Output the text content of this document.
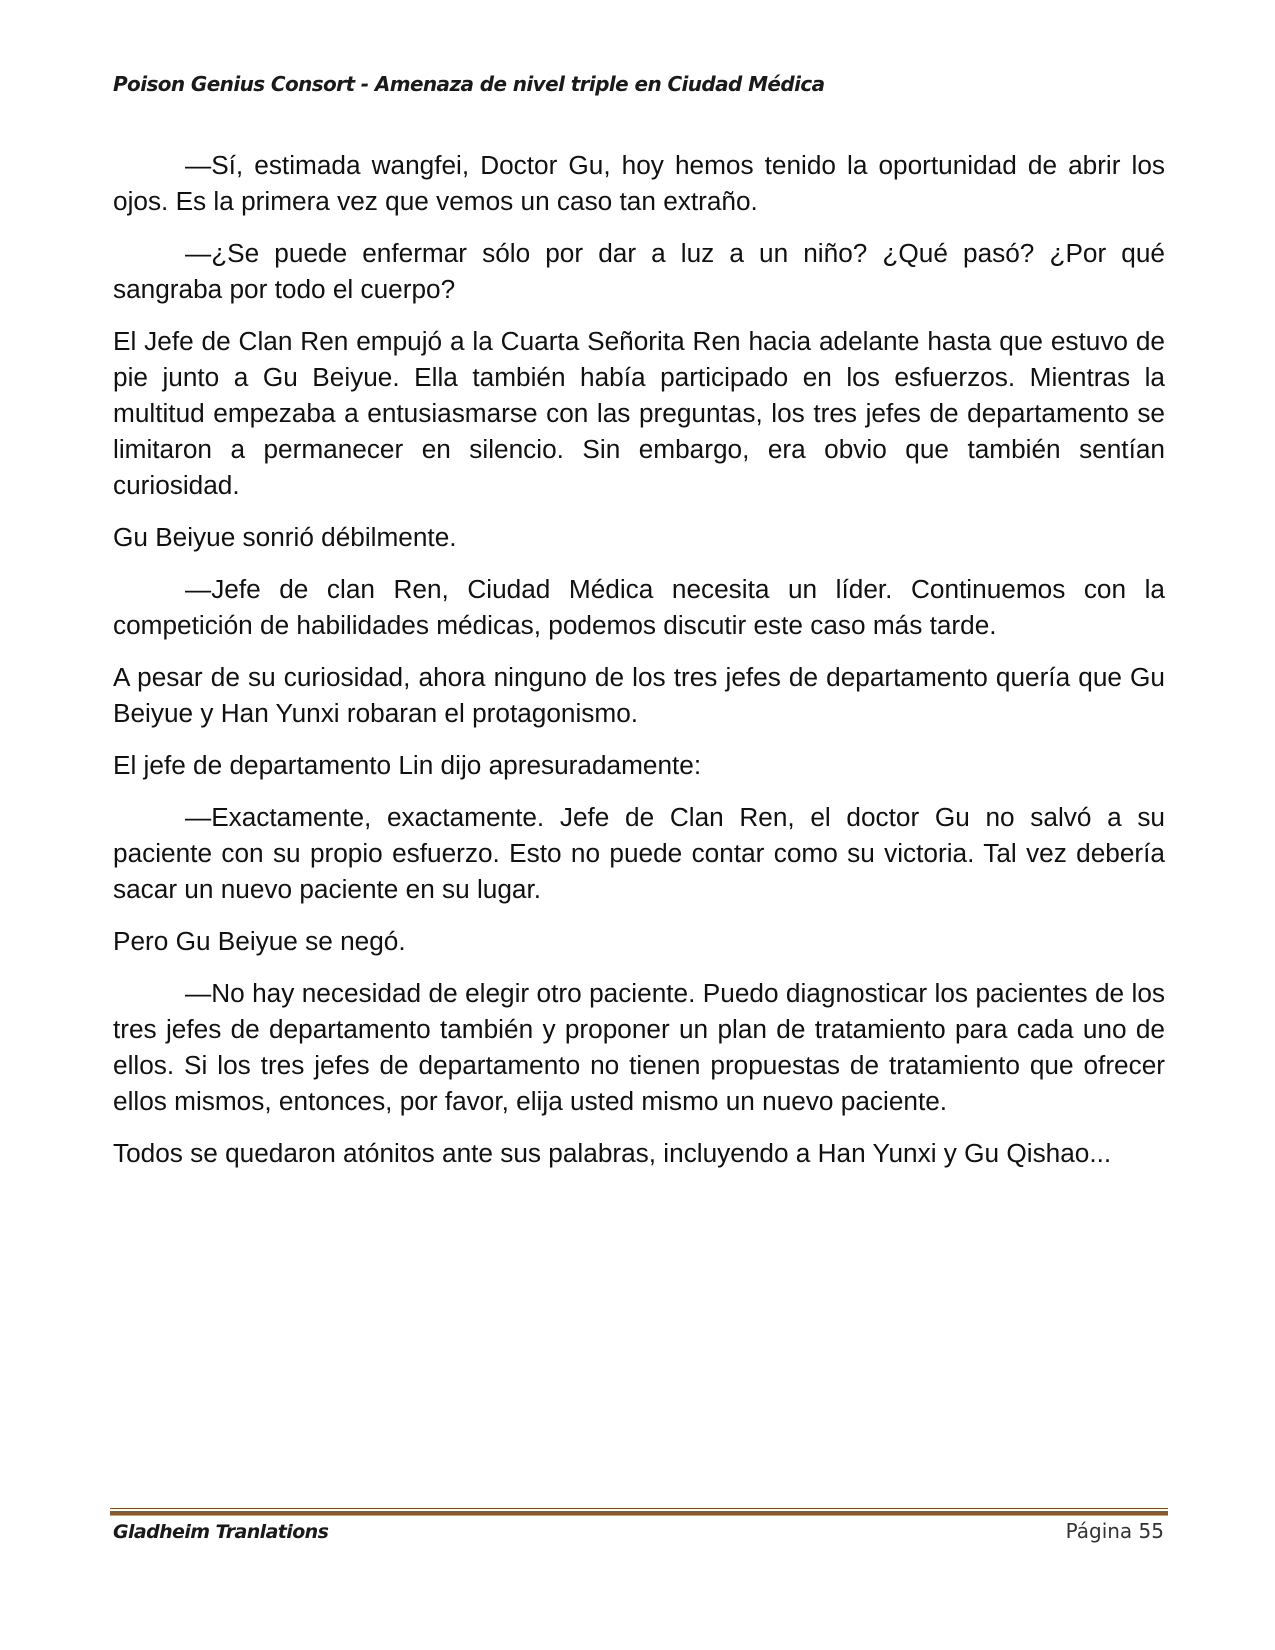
Poison Genius Consort - Amenaza de nivel triple en Ciudad Médica

—Sí, estimada wangfei, Doctor Gu, hoy hemos tenido la oportunidad de abrir los ojos. Es la primera vez que vemos un caso tan extraño.

—¿Se puede enfermar sólo por dar a luz a un niño? ¿Qué pasó? ¿Por qué sangraba por todo el cuerpo?

El Jefe de Clan Ren empujó a la Cuarta Señorita Ren hacia adelante hasta que estuvo de pie junto a Gu Beiyue. Ella también había participado en los esfuerzos. Mientras la multitud empezaba a entusiasmarse con las preguntas, los tres jefes de departamento se limitaron a permanecer en silencio. Sin embargo, era obvio que también sentían curiosidad.

Gu Beiyue sonrió débilmente.

—Jefe de clan Ren, Ciudad Médica necesita un líder. Continuemos con la competición de habilidades médicas, podemos discutir este caso más tarde.

A pesar de su curiosidad, ahora ninguno de los tres jefes de departamento quería que Gu Beiyue y Han Yunxi robaran el protagonismo.

El jefe de departamento Lin dijo apresuradamente:

—Exactamente, exactamente. Jefe de Clan Ren, el doctor Gu no salvó a su paciente con su propio esfuerzo. Esto no puede contar como su victoria. Tal vez debería sacar un nuevo paciente en su lugar.

Pero Gu Beiyue se negó.

—No hay necesidad de elegir otro paciente. Puedo diagnosticar los pacientes de los tres jefes de departamento también y proponer un plan de tratamiento para cada uno de ellos. Si los tres jefes de departamento no tienen propuestas de tratamiento que ofrecer ellos mismos, entonces, por favor, elija usted mismo un nuevo paciente.

Todos se quedaron atónitos ante sus palabras, incluyendo a Han Yunxi y Gu Qishao...

Gladheim Tranlations	Página 55
